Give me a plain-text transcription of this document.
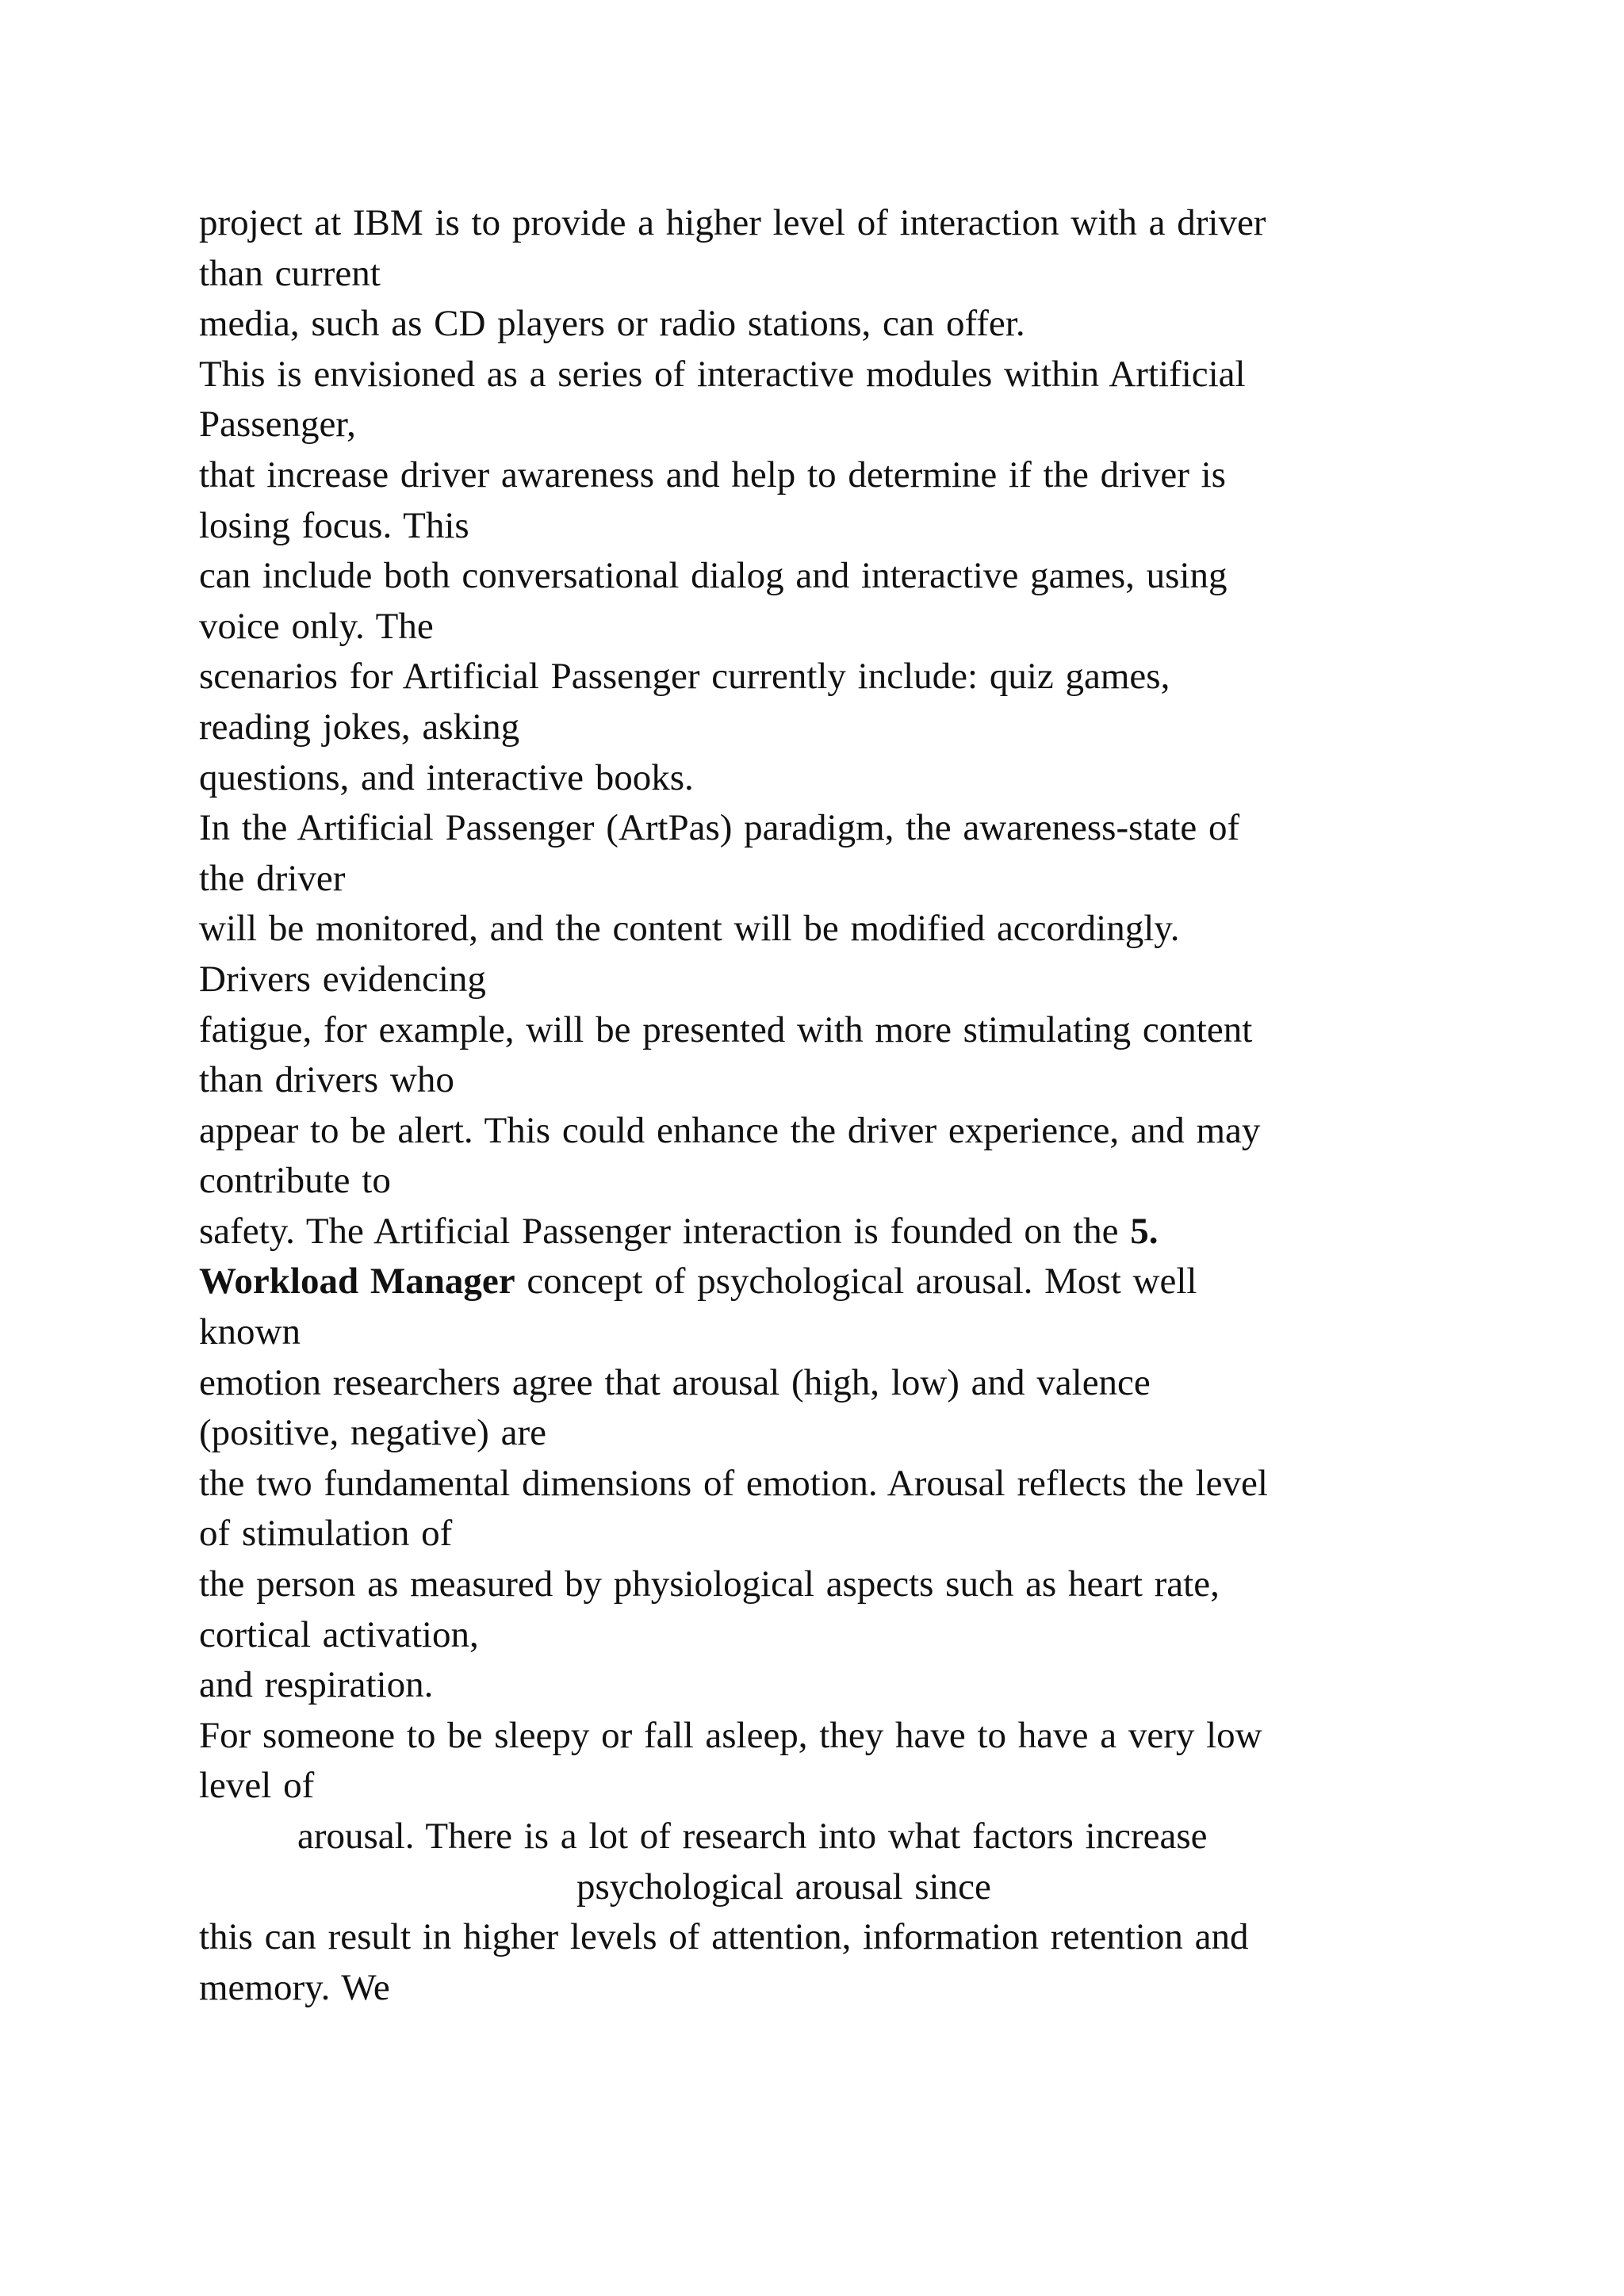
project at IBM is to provide a higher level of interaction with a driver
than current
media, such as CD players or radio stations, can offer.
This is envisioned as a series of interactive modules within Artificial
Passenger,
that increase driver awareness and help to determine if the driver is
losing focus. This
can include both conversational dialog and interactive games, using
voice only. The
scenarios for Artificial Passenger currently include: quiz games,
reading jokes, asking
questions, and interactive books.
In the Artificial Passenger (ArtPas) paradigm, the awareness-state of
the driver
will be monitored, and the content will be modified accordingly.
Drivers evidencing
fatigue, for example, will be presented with more stimulating content
than drivers who
appear to be alert. This could enhance the driver experience, and may
contribute to
safety. The Artificial Passenger interaction is founded on the 5.
Workload Manager concept of psychological arousal. Most well
known
emotion researchers agree that arousal (high, low) and valence
(positive, negative) are
the two fundamental dimensions of emotion. Arousal reflects the level
of stimulation of
the person as measured by physiological aspects such as heart rate,
cortical activation,
and respiration.
For someone to be sleepy or fall asleep, they have to have a very low
level of
arousal. There is a lot of research into what factors increase
psychological arousal since
this can result in higher levels of attention, information retention and
memory. We
